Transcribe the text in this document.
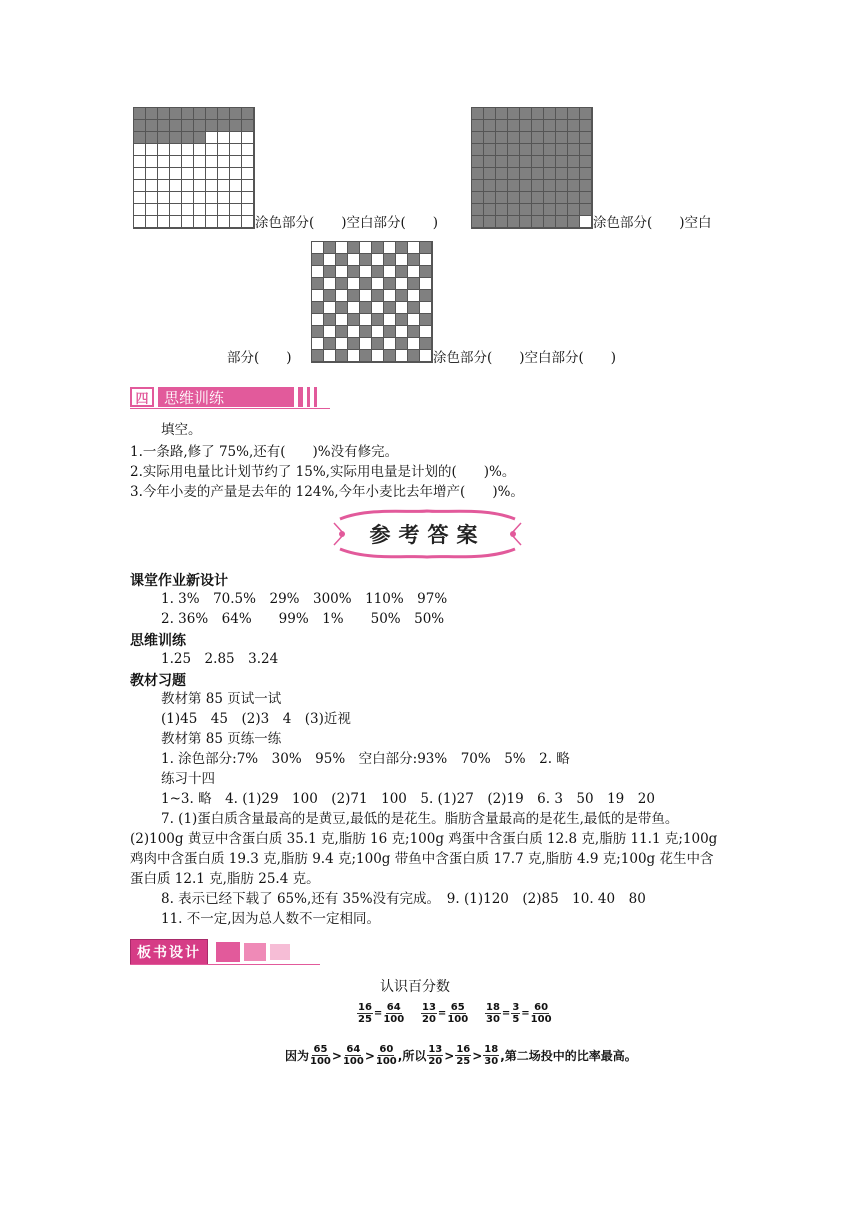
涂色部分(　　)空白部分(　　)	涂色部分(　　)空白
部分(　　)	涂色部分(　　)空白部分(　　)
四 思维训练
填空。
1.一条路,修了 75%,还有(　　)%没有修完。
2.实际用电量比计划节约了 15%,实际用电量是计划的(　　)%。
3.今年小麦的产量是去年的 124%,今年小麦比去年增产(　　)%。
参考答案
课堂作业新设计
1. 3%　70.5%　29%　300%　110%　97%
2. 36%　64%　　99%　1%　　50%　50%
思维训练
1.25　2.85　3.24
教材习题
教材第 85 页试一试
(1)45　45　(2)3　4　(3)近视
教材第 85 页练一练
1. 涂色部分:7%　30%　95%　空白部分:93%　70%　5%　2. 略
练习十四
1~3. 略　4. (1)29　100　(2)71　100　5. (1)27　(2)19　6. 3　50　19　20
7. (1)蛋白质含量最高的是黄豆,最低的是花生。脂肪含量最高的是花生,最低的是带鱼。
(2)100g 黄豆中含蛋白质 35.1 克,脂肪 16 克;100g 鸡蛋中含蛋白质 12.8 克,脂肪 11.1 克;100g
鸡肉中含蛋白质 19.3 克,脂肪 9.4 克;100g 带鱼中含蛋白质 17.7 克,脂肪 4.9 克;100g 花生中含
蛋白质 12.1 克,脂肪 25.4 克。
8. 表示已经下载了 65%,还有 35%没有完成。　9. (1)120　(2)85　10. 40　80
11. 不一定,因为总人数不一定相同。
板书设计
认识百分数
$\frac{16}{25} = \frac{64}{100} \frac{13}{20} = \frac{65}{100} \frac{18}{30} = \frac{3}{5} = \frac{60}{100}$
因为 $\frac{65}{100} > \frac{64}{100} > \frac{60}{100}$ ,所以 $\frac{13}{20} > \frac{16}{25} > \frac{18}{30}$ ,第二场投中的比率最高。
